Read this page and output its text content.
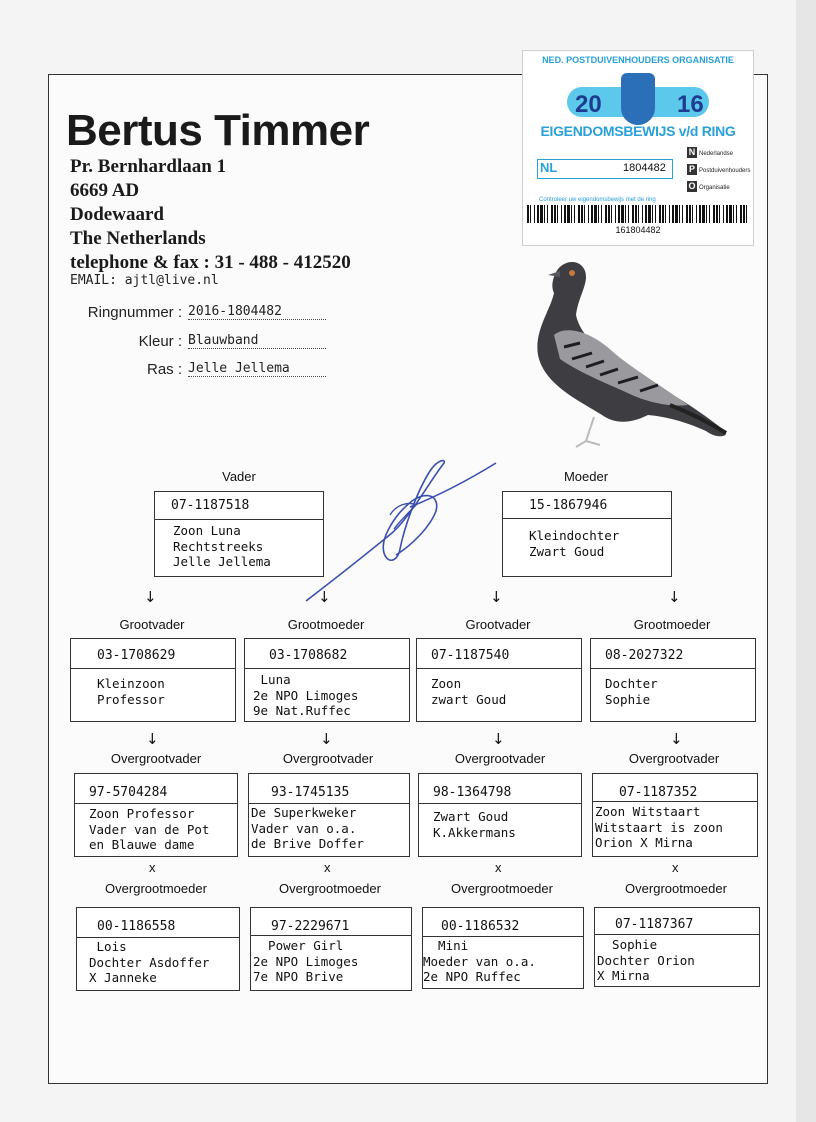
Bertus Timmer
Pr. Bernhardlaan 1
6669 AD
Dodewaard
The Netherlands
telephone & fax : 31 - 488 - 412520
EMAIL: ajtl@live.nl
Ringnummer : 2016-1804482
Kleur : Blauwband
Ras : Jelle Jellema
NED. POSTDUIVENHOUDERS ORGANISATIE
20	16
EIGENDOMSBEWIJS v/d RING
NL	1804482
N Nederlandse
P Postduivenhouders
O Organisatie
Controleer uw eigendomsbewijs met de ring
161804482
Vader
07-1187518
Zoon Luna
Rechtstreeks
Jelle Jellema
Moeder
15-1867946
Kleindochter
Zwart Goud
↓	↓	↓	↓
Grootvader	Grootmoeder	Grootvader	Grootmoeder
03-1708629
Kleinzoon
Professor
03-1708682
Luna
2e NPO Limoges
9e Nat.Ruffec
07-1187540
Zoon
zwart Goud
08-2027322
Dochter
Sophie
↓	↓	↓	↓
Overgrootvader	Overgrootvader	Overgrootvader	Overgrootvader
97-5704284
Zoon Professor
Vader van de Pot
en Blauwe dame
93-1745135
De Superkweker
Vader van o.a.
de Brive Doffer
98-1364798
Zwart Goud
K.Akkermans
07-1187352
Zoon Witstaart
Witstaart is zoon
Orion X Mirna
x	x	x	x
Overgrootmoeder	Overgrootmoeder	Overgrootmoeder	Overgrootmoeder
00-1186558
Lois
Dochter Asdoffer
X Janneke
97-2229671
Power Girl
2e NPO Limoges
7e NPO Brive
00-1186532
Mini
Moeder van o.a.
2e NPO Ruffec
07-1187367
Sophie
Dochter Orion
X Mirna
